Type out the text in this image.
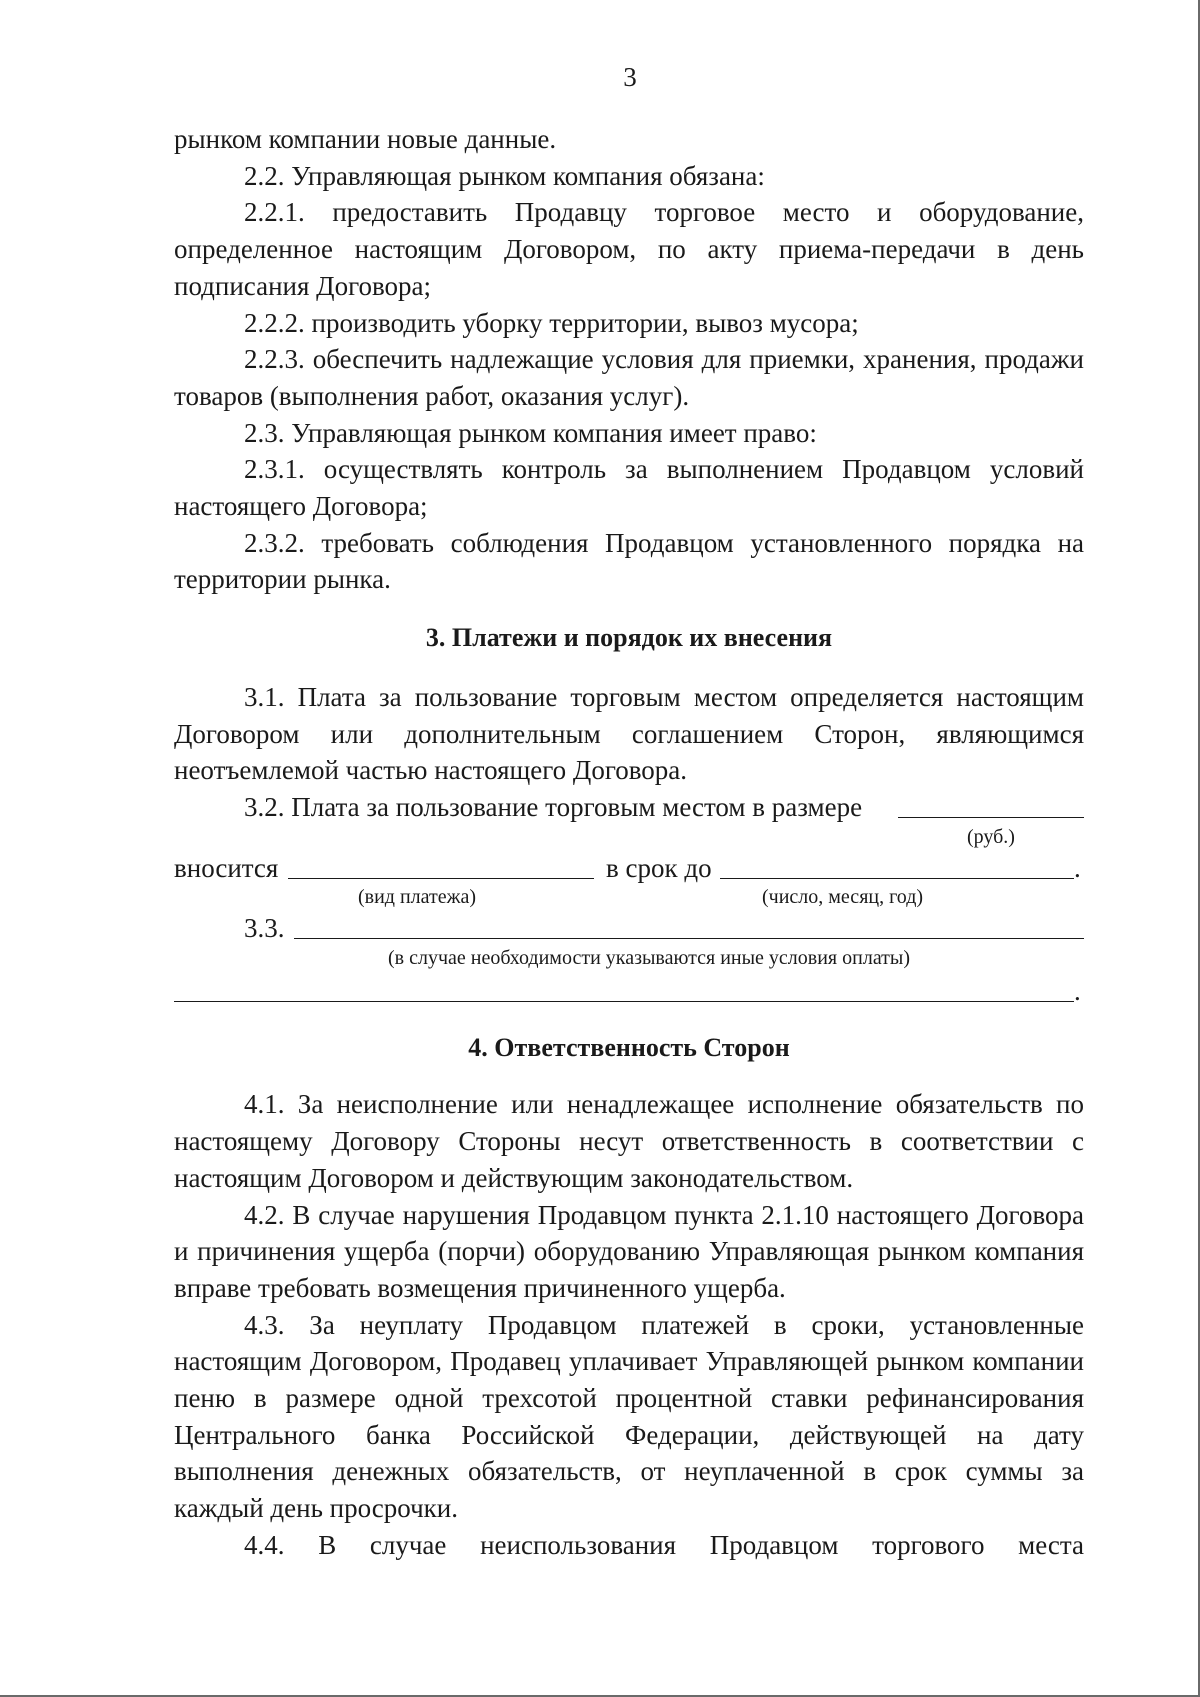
3

рынком компании новые данные.

2.2. Управляющая рынком компания обязана:

2.2.1. предоставить Продавцу торговое место и оборудование, определенное настоящим Договором, по акту приема-передачи в день подписания Договора;

2.2.2. производить уборку территории, вывоз мусора;

2.2.3. обеспечить надлежащие условия для приемки, хранения, продажи товаров (выполнения работ, оказания услуг).

2.3. Управляющая рынком компания имеет право:

2.3.1. осуществлять контроль за выполнением Продавцом условий настоящего Договора;

2.3.2. требовать соблюдения Продавцом установленного порядка на территории рынка.

3. Платежи и порядок их внесения

3.1. Плата за пользование торговым местом определяется настоящим Договором или дополнительным соглашением Сторон, являющимся неотъемлемой частью настоящего Договора.

3.2. Плата за пользование торговым местом в размере
(руб.)
вносится	в срок до	.
(вид платежа)	(число, месяц, год)
3.3.
(в случае необходимости указываются иные условия оплаты)
.
4. Ответственность Сторон

4.1. За неисполнение или ненадлежащее исполнение обязательств по настоящему Договору Стороны несут ответственность в соответствии с настоящим Договором и действующим законодательством.

4.2. В случае нарушения Продавцом пункта 2.1.10 настоящего Договора и причинения ущерба (порчи) оборудованию Управляющая рынком компания вправе требовать возмещения причиненного ущерба.

4.3. За неуплату Продавцом платежей в сроки, установленные настоящим Договором, Продавец уплачивает Управляющей рынком компании пеню в размере одной трехсотой процентной ставки рефинансирования Центрального банка Российской Федерации, действующей на дату выполнения денежных обязательств, от неуплаченной в срок суммы за каждый день просрочки.

4.4. В случае неиспользования Продавцом торгового места
